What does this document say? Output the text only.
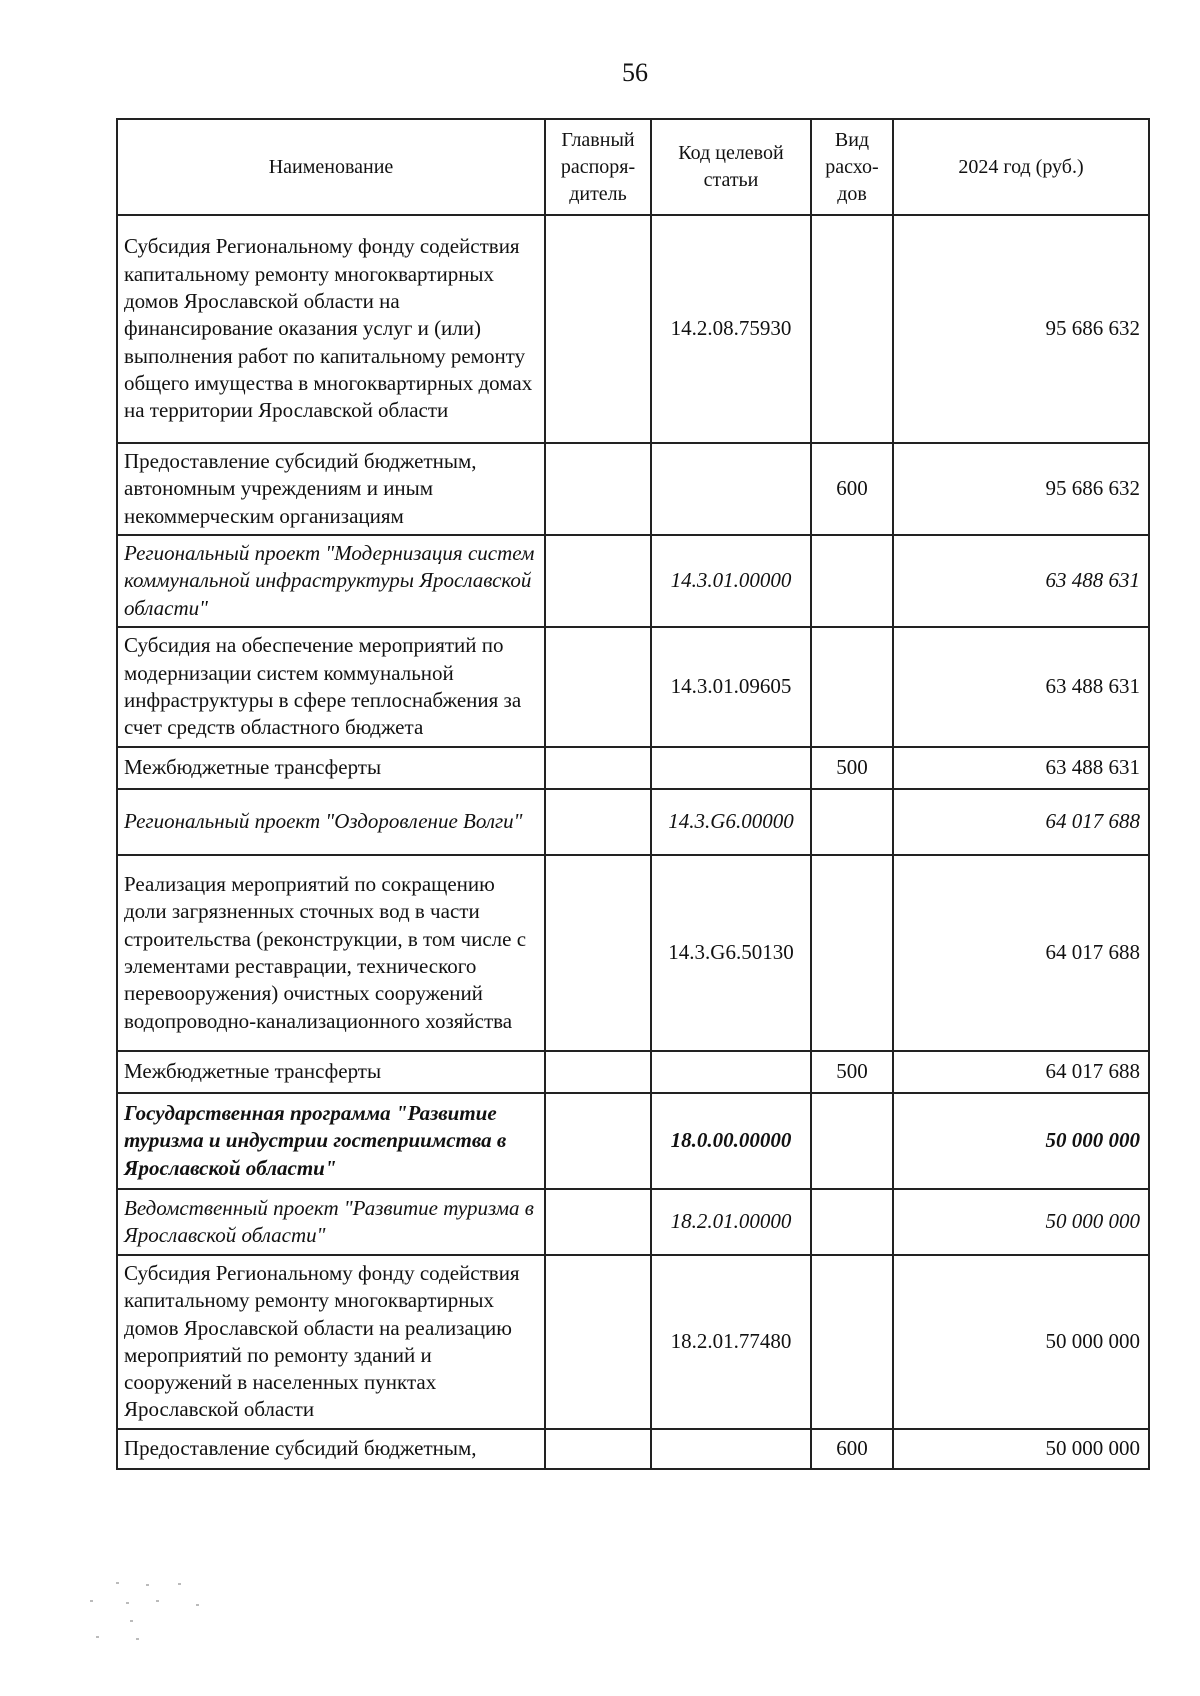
56
Наименование	Главный распоря-дитель	Код целевой статьи	Вид расхо-дов	2024 год (руб.)
Субсидия Региональному фонду содействия капитальному ремонту многоквартирных домов Ярославской области на финансирование оказания услуг и (или) выполнения работ по капитальному ремонту общего имущества в многоквартирных домах на территории Ярославской области		14.2.08.75930		95 686 632
Предоставление субсидий бюджетным, автономным учреждениям и иным некоммерческим организациям			600	95 686 632
Региональный проект "Модернизация систем коммунальной инфраструктуры Ярославской области"		14.3.01.00000		63 488 631
Субсидия на обеспечение мероприятий по модернизации систем коммунальной инфраструктуры в сфере теплоснабжения за счет средств областного бюджета		14.3.01.09605		63 488 631
Межбюджетные трансферты			500	63 488 631
Региональный проект "Оздоровление Волги"		14.3.G6.00000		64 017 688
Реализация мероприятий по сокращению доли загрязненных сточных вод в части строительства (реконструкции, в том числе с элементами реставрации, технического перевооружения) очистных сооружений водопроводно-канализационного хозяйства		14.3.G6.50130		64 017 688
Межбюджетные трансферты			500	64 017 688
Государственная программа "Развитие туризма и индустрии гостеприимства в Ярославской области"		18.0.00.00000		50 000 000
Ведомственный проект "Развитие туризма в Ярославской области"		18.2.01.00000		50 000 000
Субсидия Региональному фонду содействия капитальному ремонту многоквартирных домов Ярославской области на реализацию мероприятий по ремонту зданий и сооружений в населенных пунктах Ярославской области		18.2.01.77480		50 000 000
Предоставление субсидий бюджетным,			600	50 000 000
